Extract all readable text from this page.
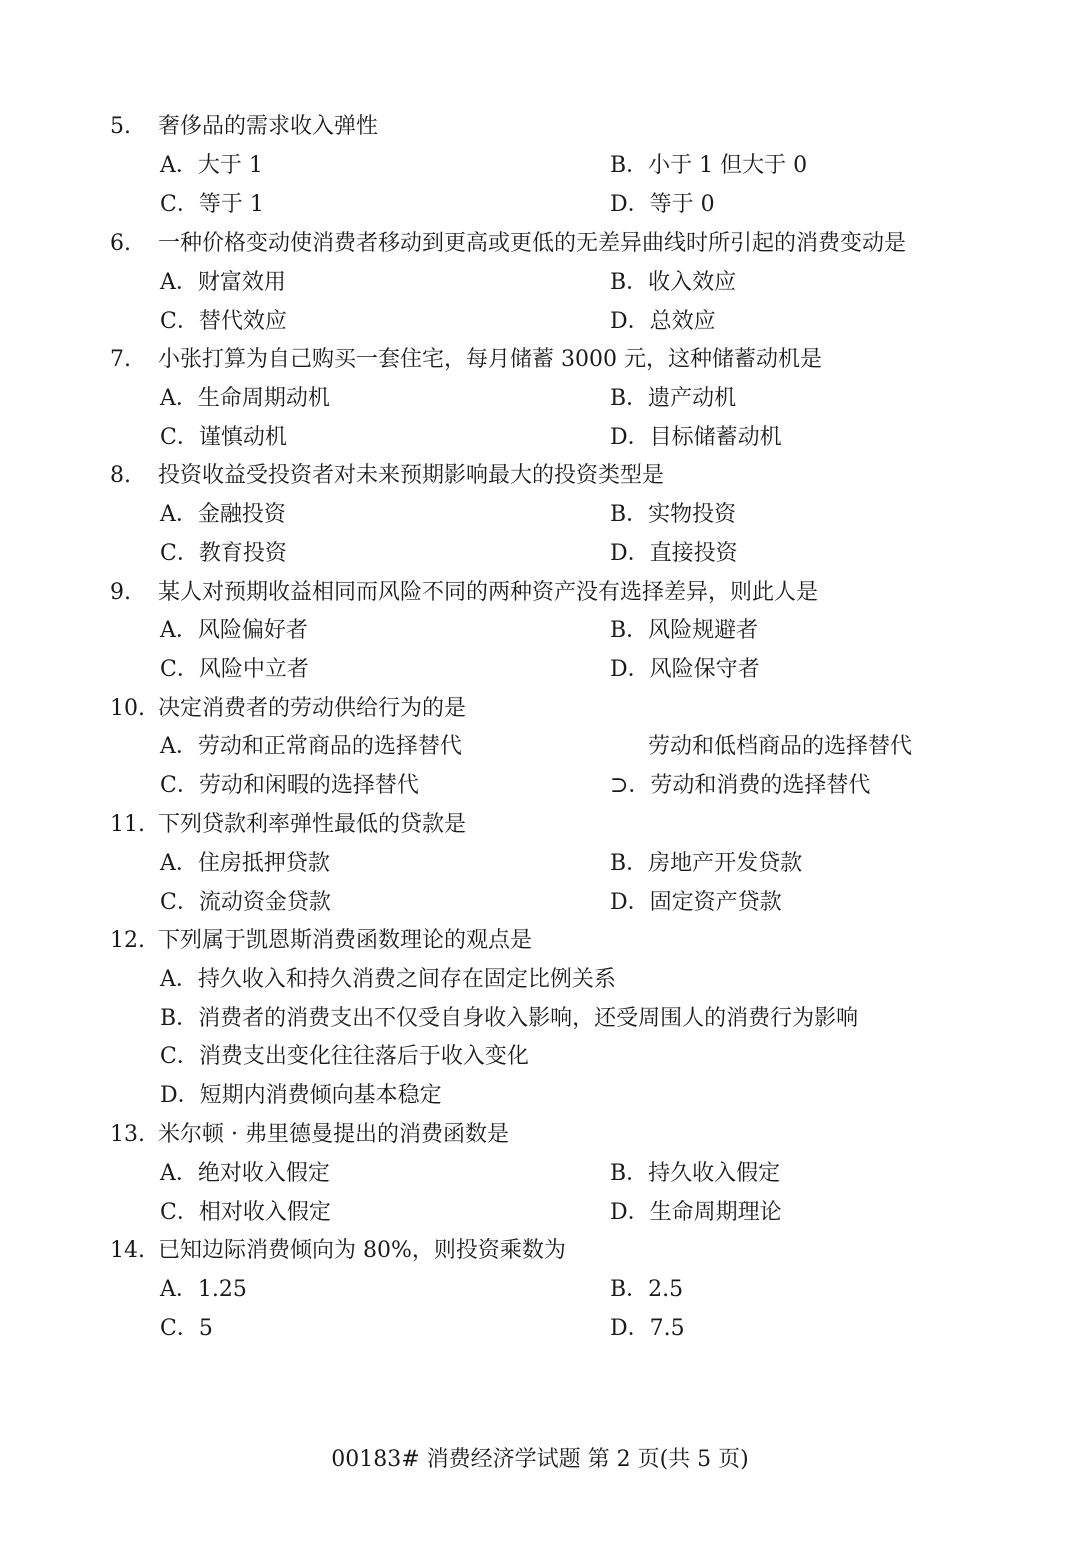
5. 奢侈品的需求收入弹性
A．大于 1	B．小于 1 但大于 0
C．等于 1	D．等于 0
6. 一种价格变动使消费者移动到更高或更低的无差异曲线时所引起的消费变动是
A．财富效用	B．收入效应
C．替代效应	D．总效应
7. 小张打算为自己购买一套住宅，每月储蓄 3000 元，这种储蓄动机是
A．生命周期动机	B．遗产动机
C．谨慎动机	D．目标储蓄动机
8. 投资收益受投资者对未来预期影响最大的投资类型是
A．金融投资	B．实物投资
C．教育投资	D．直接投资
9. 某人对预期收益相同而风险不同的两种资产没有选择差异，则此人是
A．风险偏好者	B．风险规避者
C．风险中立者	D．风险保守者
10. 决定消费者的劳动供给行为的是
A．劳动和正常商品的选择替代	劳动和低档商品的选择替代
C．劳动和闲暇的选择替代	⊃．劳动和消费的选择替代
11. 下列贷款利率弹性最低的贷款是
A．住房抵押贷款	B．房地产开发贷款
C．流动资金贷款	D．固定资产贷款
12. 下列属于凯恩斯消费函数理论的观点是
A．持久收入和持久消费之间存在固定比例关系
B．消费者的消费支出不仅受自身收入影响，还受周围人的消费行为影响
C．消费支出变化往往落后于收入变化
D．短期内消费倾向基本稳定
13. 米尔顿 · 弗里德曼提出的消费函数是
A．绝对收入假定	B．持久收入假定
C．相对收入假定	D．生命周期理论
14. 已知边际消费倾向为 80%，则投资乘数为
A．1.25	B．2.5
C．5	D．7.5
00183# 消费经济学试题 第 2 页(共 5 页)
